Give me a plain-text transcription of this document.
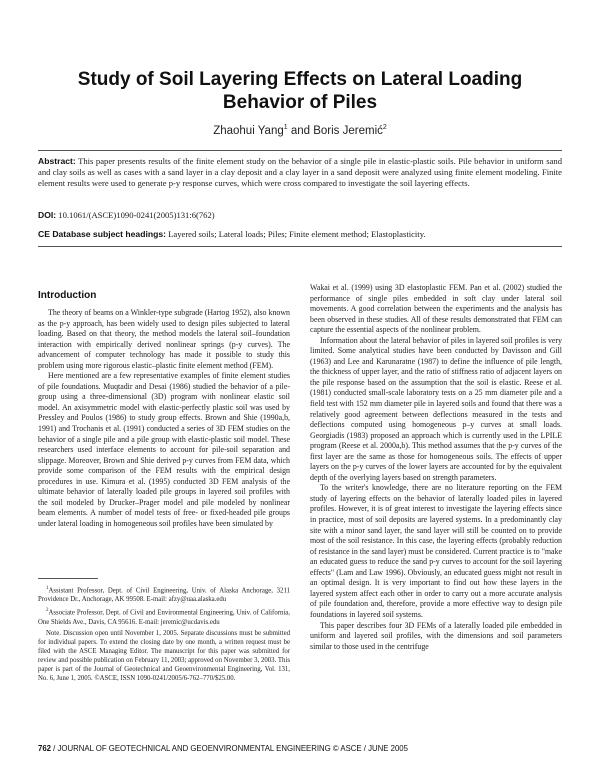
Study of Soil Layering Effects on Lateral Loading Behavior of Piles
Zhaohui Yang$^1$ and Boris Jeremić$^2$
Abstract: This paper presents results of the finite element study on the behavior of a single pile in elastic-plastic soils. Pile behavior in uniform sand and clay soils as well as cases with a sand layer in a clay deposit and a clay layer in a sand deposit were analyzed using finite element modeling. Finite element results were used to generate p-y response curves, which were cross compared to investigate the soil layering effects.
DOI: 10.1061/(ASCE)1090-0241(2005)131:6(762)
CE Database subject headings: Layered soils; Lateral loads; Piles; Finite element method; Elastoplasticity.
Introduction

The theory of beams on a Winkler-type subgrade (Hartog 1952), also known as the p-y approach, has been widely used to design piles subjected to lateral loading. Based on that theory, the method models the lateral soil–foundation interaction with empirically derived nonlinear springs (p-y curves). The advancement of computer technology has made it possible to study this problem using more rigorous elastic–plastic finite element method (FEM).

Here mentioned are a few representative examples of finite element studies of pile foundations. Muqtadir and Desai (1986) studied the behavior of a pile-group using a three-dimensional (3D) program with nonlinear elastic soil model. An axisymmetric model with elastic-perfectly plastic soil was used by Pressley and Poulos (1986) to study group effects. Brown and Shie (1990a,b, 1991) and Trochanis et al. (1991) conducted a series of 3D FEM studies on the behavior of a single pile and a pile group with elastic-plastic soil model. These researchers used interface elements to account for pile-soil separation and slippage. Moreover, Brown and Shie derived p-y curves from FEM data, which provide some comparison of the FEM results with the empirical design procedures in use. Kimura et al. (1995) conducted 3D FEM analysis of the ultimate behavior of laterally loaded pile groups in layered soil profiles with the soil modeled by Drucker–Prager model and pile modeled by nonlinear beam elements. A number of model tests of free- or fixed-headed pile groups under lateral loading in homogeneous soil profiles have been simulated by

Wakai et al. (1999) using 3D elastoplastic FEM. Pan et al. (2002) studied the performance of single piles embedded in soft clay under lateral soil movements. A good correlation between the experiments and the analysis has been observed in these studies. All of these results demonstrated that FEM can capture the essential aspects of the nonlinear problem.

Information about the lateral behavior of piles in layered soil profiles is very limited. Some analytical studies have been conducted by Davisson and Gill (1963) and Lee and Karunaratne (1987) to define the influence of pile length, the thickness of upper layer, and the ratio of stiffness ratio of adjacent layers on the pile response based on the assumption that the soil is elastic. Reese et al. (1981) conducted small-scale laboratory tests on a 25 mm diameter pile and a field test with 152 mm diameter pile in layered soils and found that there was a relatively good agreement between deflections measured in the tests and deflections computed using homogeneous p–y curves at small loads. Georgiadis (1983) proposed an approach which is currently used in the LPILE program (Reese et al. 2000a,b). This method assumes that the p-y curves of the first layer are the same as those for homogeneous soils. The effects of upper layers on the p-y curves of the lower layers are accounted for by the equivalent depth of the overlying layers based on strength parameters.

To the writer's knowledge, there are no literature reporting on the FEM study of layering effects on the behavior of laterally loaded piles in layered profiles. However, it is of great interest to investigate the layering effects since in practice, most of soil deposits are layered systems. In a predominantly clay site with a minor sand layer, the sand layer will still be counted on to provide most of the soil resistance. In this case, the layering effects (probably reduction of resistance in the sand layer) must be considered. Current practice is to "make an educated guess to reduce the sand p-y curves to account for the soil layering effects" (Lam and Law 1996). Obviously, an educated guess might not result in an optimal design. It is very important to find out how these layers in the layered system affect each other in order to carry out a more accurate analysis of pile foundation and, therefore, provide a more effective way to design pile foundations in layered soil systems.

This paper describes four 3D FEMs of a laterally loaded pile embedded in uniform and layered soil profiles, with the dimensions and soil parameters similar to those used in the centrifuge

$^1$Assistant Professor, Dept. of Civil Engineering, Univ. of Alaska Anchorage, 3211 Providence Dr., Anchorage, AK 99508. E-mail: afzy@uaa.alaska.edu

$^2$Associate Professor, Dept. of Civil and Environmental Engineering, Univ. of California, One Shields Ave., Davis, CA 95616. E-mail: jeremic@ucdavis.edu

Note. Discussion open until November 1, 2005. Separate discussions must be submitted for individual papers. To extend the closing date by one month, a written request must be filed with the ASCE Managing Editor. The manuscript for this paper was submitted for review and possible publication on February 11, 2003; approved on November 3, 2003. This paper is part of the Journal of Geotechnical and Geoenvironmental Engineering, Vol. 131, No. 6, June 1, 2005. ©ASCE, ISSN 1090-0241/2005/6-762–770/$25.00.

762 / JOURNAL OF GEOTECHNICAL AND GEOENVIRONMENTAL ENGINEERING © ASCE / JUNE 2005
